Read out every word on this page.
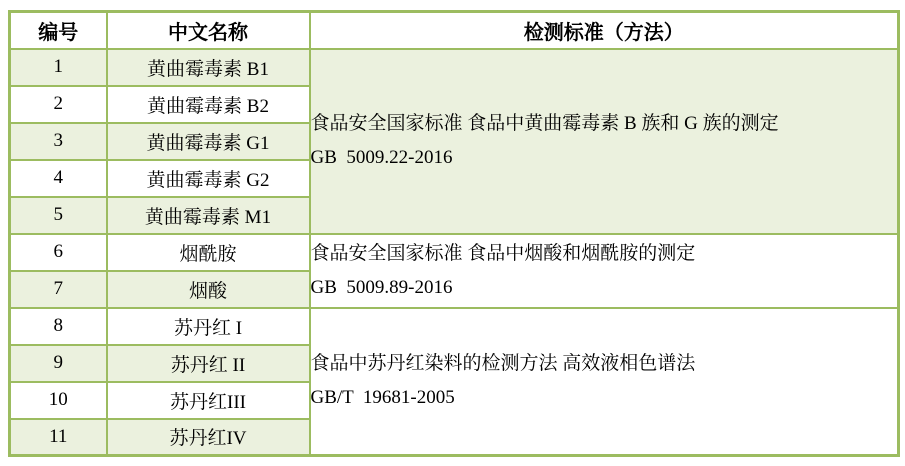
编号	中文名称	检测标准（方法）
1	黄曲霉毒素 B1	食品安全国家标准 食品中黄曲霉毒素 B 族和 G 族的测定
GB  5009.22-2016

2	黄曲霉毒素 B2	
3	黄曲霉毒素 G1	
4	黄曲霉毒素 G2	
5	黄曲霉毒素 M1	
6	烟酰胺	食品安全国家标准 食品中烟酸和烟酰胺的测定
GB  5009.89-2016

7	烟酸	
8	苏丹红 I	食品中苏丹红染料的检测方法 高效液相色谱法
GB/T  19681-2005

9	苏丹红 II	
10	苏丹红III	
11	苏丹红IV	
